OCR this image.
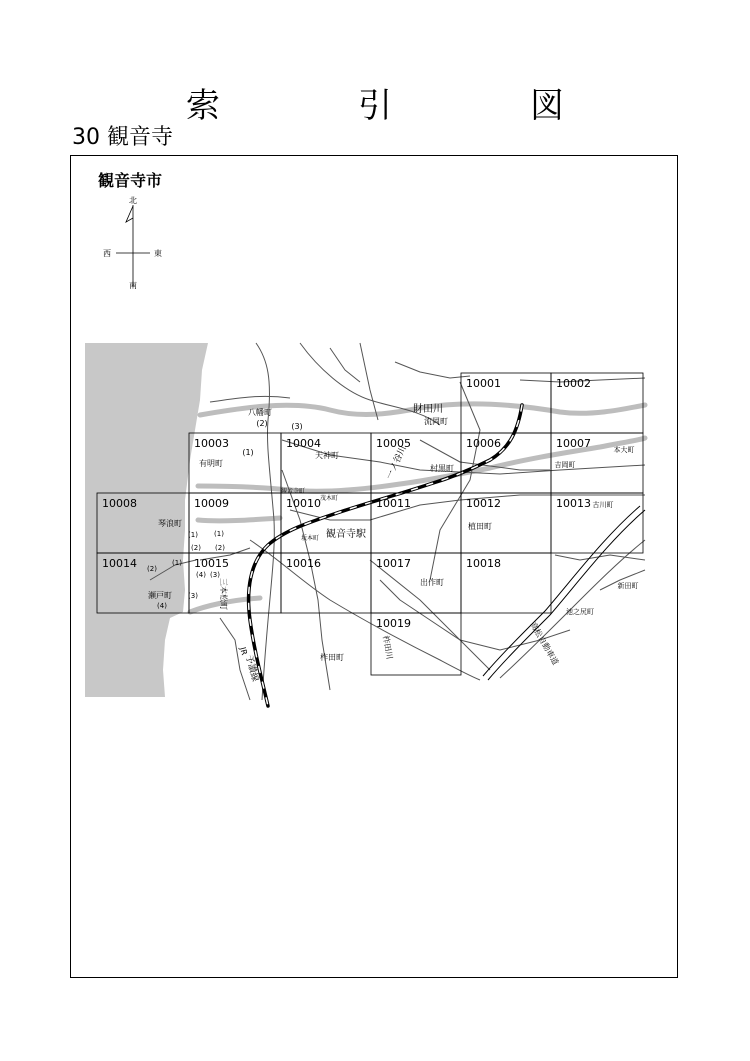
索　引　図
30 観音寺
観音寺市
北
南
西	東
10001	10002
10003	10004	10005	10006	10007
10008	10009	10010	10011	10012	10013
10014	10015	10016	10017	10018
10019
八幡町
(2)	(3)
財田川
流岡町
有明町
(1)	天神町
観音寺町
茂木町
一ノ谷川	村黒町	吉岡町
本大町
古川町
琴浪町
(1) (1)
(2) (2)
坂本町 観音寺駅
植田町
(2)
(1)
(4) (3)
(3)
瀬戸町
(4)	三本松町	出作町	新田町
池之尻町
予讃線
JR	柞田川
柞田町	高松自動車道
